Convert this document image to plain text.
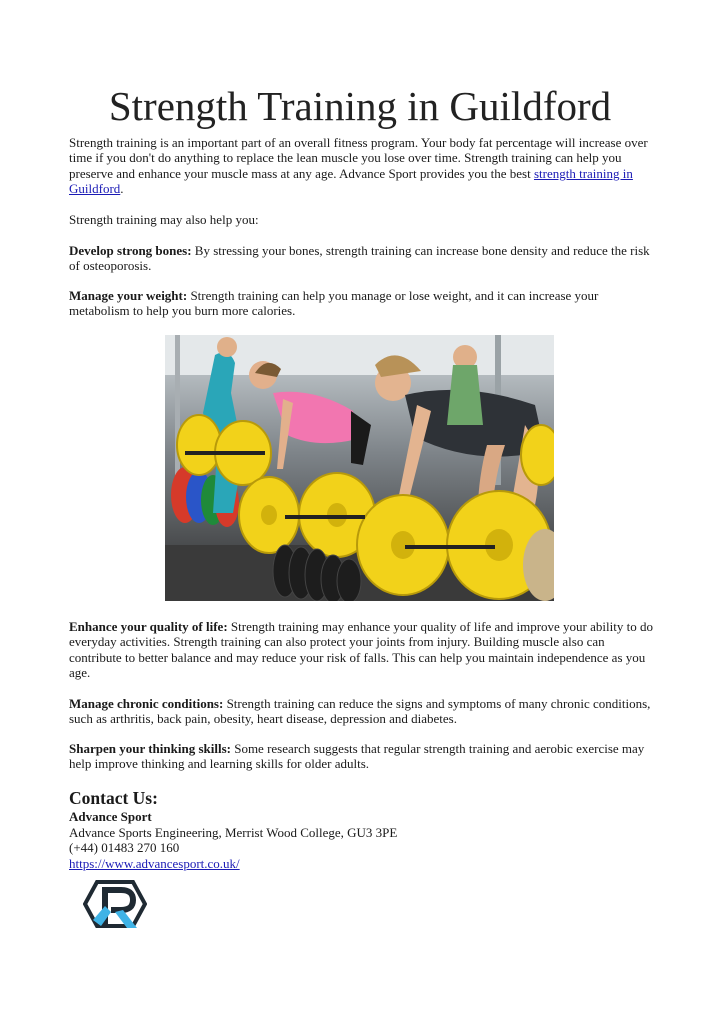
Strength Training in Guildford

Strength training is an important part of an overall fitness program. Your body fat percentage will increase over time if you don't do anything to replace the lean muscle you lose over time. Strength training can help you preserve and enhance your muscle mass at any age. Advance Sport provides you the best strength training in Guildford.

Strength training may also help you:

Develop strong bones: By stressing your bones, strength training can increase bone density and reduce the risk of osteoporosis.

Manage your weight: Strength training can help you manage or lose weight, and it can increase your metabolism to help you burn more calories.

Enhance your quality of life: Strength training may enhance your quality of life and improve your ability to do everyday activities. Strength training can also protect your joints from injury. Building muscle also can contribute to better balance and may reduce your risk of falls. This can help you maintain independence as you age.

Manage chronic conditions: Strength training can reduce the signs and symptoms of many chronic conditions, such as arthritis, back pain, obesity, heart disease, depression and diabetes.

Sharpen your thinking skills: Some research suggests that regular strength training and aerobic exercise may help improve thinking and learning skills for older adults.

Contact Us:
Advance Sport
Advance Sports Engineering, Merrist Wood College, GU3 3PE
(+44) 01483 270 160
https://www.advancesport.co.uk/
